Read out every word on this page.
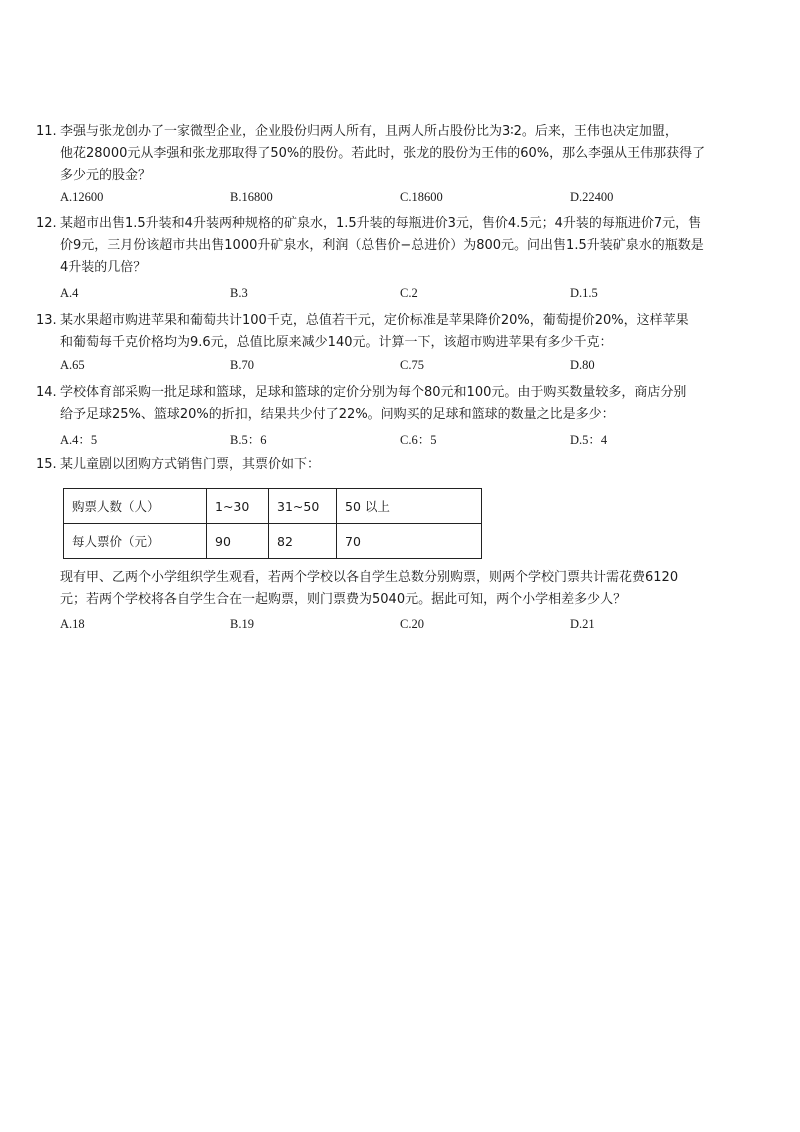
11. 李强与张龙创办了一家微型企业，企业股份归两人所有，且两人所占股份比为3∶2。后来，王伟也决定加盟，
他花28000元从李强和张龙那取得了50%的股份。若此时，张龙的股份为王伟的60%，那么李强从王伟那获得了
多少元的股金？
A.12600	B.16800	C.18600	D.22400
12. 某超市出售1.5升装和4升装两种规格的矿泉水，1.5升装的每瓶进价3元，售价4.5元；4升装的每瓶进价7元，售
价9元，三月份该超市共出售1000升矿泉水，利润（总售价−总进价）为800元。问出售1.5升装矿泉水的瓶数是
4升装的几倍？
A.4	B.3	C.2	D.1.5
13. 某水果超市购进苹果和葡萄共计100千克，总值若干元，定价标准是苹果降价20%，葡萄提价20%，这样苹果
和葡萄每千克价格均为9.6元，总值比原来减少140元。计算一下，该超市购进苹果有多少千克：
A.65	B.70	C.75	D.80
14. 学校体育部采购一批足球和篮球，足球和篮球的定价分别为每个80元和100元。由于购买数量较多，商店分别
给予足球25%、篮球20%的折扣，结果共少付了22%。问购买的足球和篮球的数量之比是多少：
A.4：5	B.5：6	C.6：5	D.5：4
15. 某儿童剧以团购方式销售门票，其票价如下：
购票人数（人）	1~30	31~50	50 以上
每人票价（元）	90	82	70
现有甲、乙两个小学组织学生观看，若两个学校以各自学生总数分别购票，则两个学校门票共计需花费6120
元；若两个学校将各自学生合在一起购票，则门票费为5040元。据此可知，两个小学相差多少人？
A.18	B.19	C.20	D.21
